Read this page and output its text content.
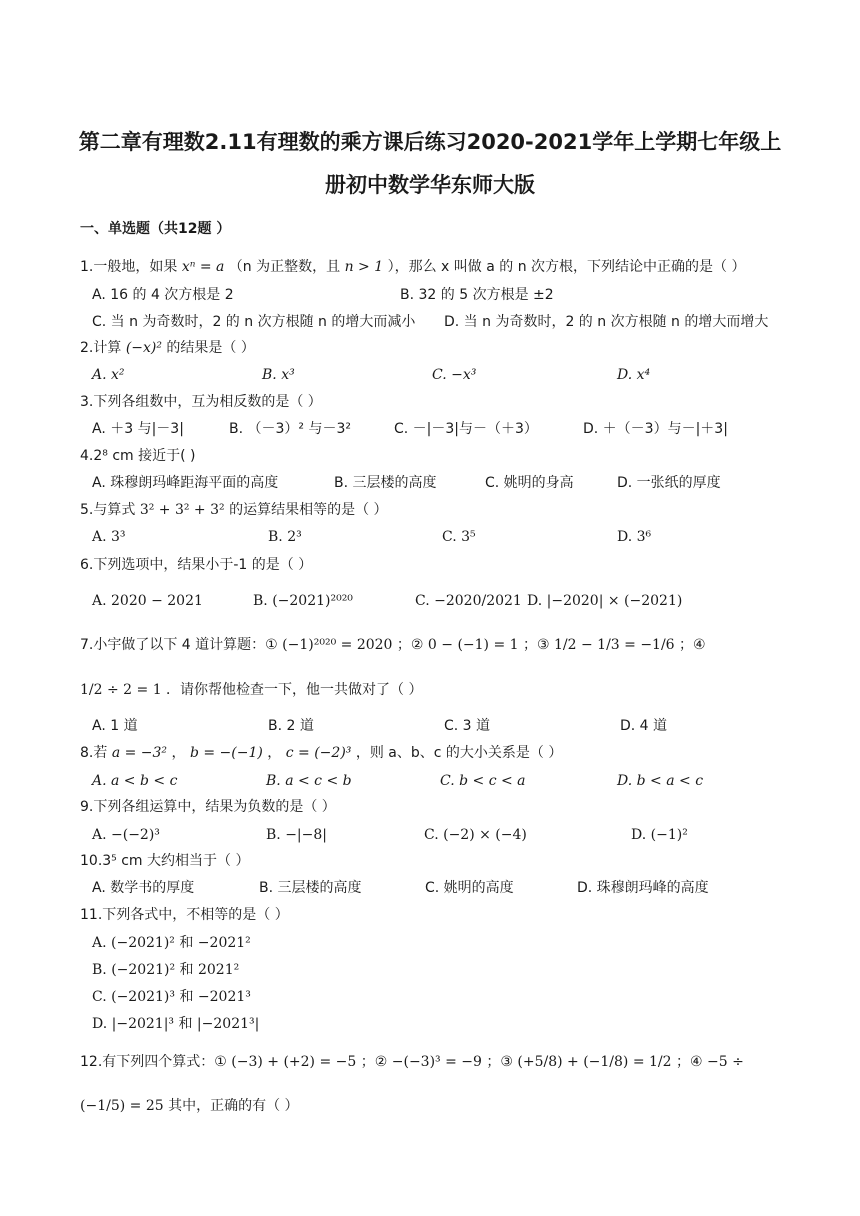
第二章有理数2.11有理数的乘方课后练习2020-2021学年上学期七年级上
册初中数学华东师大版
一、单选题（共12题 ）
1.一般地，如果 xⁿ = a （n 为正整数，且 n > 1 ），那么 x 叫做 a 的 n 次方根，下列结论中正确的是（ ）
A. 16 的 4 次方根是 2	B. 32 的 5 次方根是 ±2
C. 当 n 为奇数时，2 的 n 次方根随 n 的增大而减小 D. 当 n 为奇数时，2 的 n 次方根随 n 的增大而增大
2.计算 (−x)² 的结果是（ ）
A. x²	B. x³	C. −x³	D. x⁴
3.下列各组数中，互为相反数的是（ ）
A. ＋3 与|－3|	B. （－3）² 与－3²	C. －|－3|与－（＋3）	D. ＋（－3）与－|＋3|
4.2⁸ cm 接近于( )
A. 珠穆朗玛峰距海平面的高度	B. 三层楼的高度	C. 姚明的身高	D. 一张纸的厚度
5.与算式 3² + 3² + 3² 的运算结果相等的是（ ）
A. 3³	B. 2³	C. 3⁵	D. 3⁶
6.下列选项中，结果小于-1 的是（ ）
A. 2020 − 2021	B. (−2021)²⁰²⁰	C. −2020/2021 D. |−2020| × (−2021)
7.小宇做了以下 4 道计算题：① (−1)²⁰²⁰ = 2020 ；② 0 − (−1) = 1 ；③ 1/2 − 1/3 = −1/6 ；④
1/2 ÷ 2 = 1 ．请你帮他检查一下，他一共做对了（ ）
A. 1 道	B. 2 道	C. 3 道	D. 4 道
8.若 a = −3² ， b = −(−1) ， c = (−2)³ ，则 a、b、c 的大小关系是（ ）
A. a < b < c	B. a < c < b	C. b < c < a	D. b < a < c
9.下列各组运算中，结果为负数的是（ ）
A. −(−2)³	B. −|−8|	C. (−2) × (−4)	D. (−1)²
10.3⁵ cm 大约相当于（ ）
A. 数学书的厚度	B. 三层楼的高度	C. 姚明的高度	D. 珠穆朗玛峰的高度
11.下列各式中，不相等的是（ ）
A. (−2021)² 和 −2021²
B. (−2021)² 和 2021²
C. (−2021)³ 和 −2021³
D. |−2021|³ 和 |−2021³|
12.有下列四个算式：① (−3) + (+2) = −5 ；② −(−3)³ = −9 ；③ (+5/8) + (−1/8) = 1/2 ；④ −5 ÷
(−1/5) = 25 其中，正确的有（ ）
